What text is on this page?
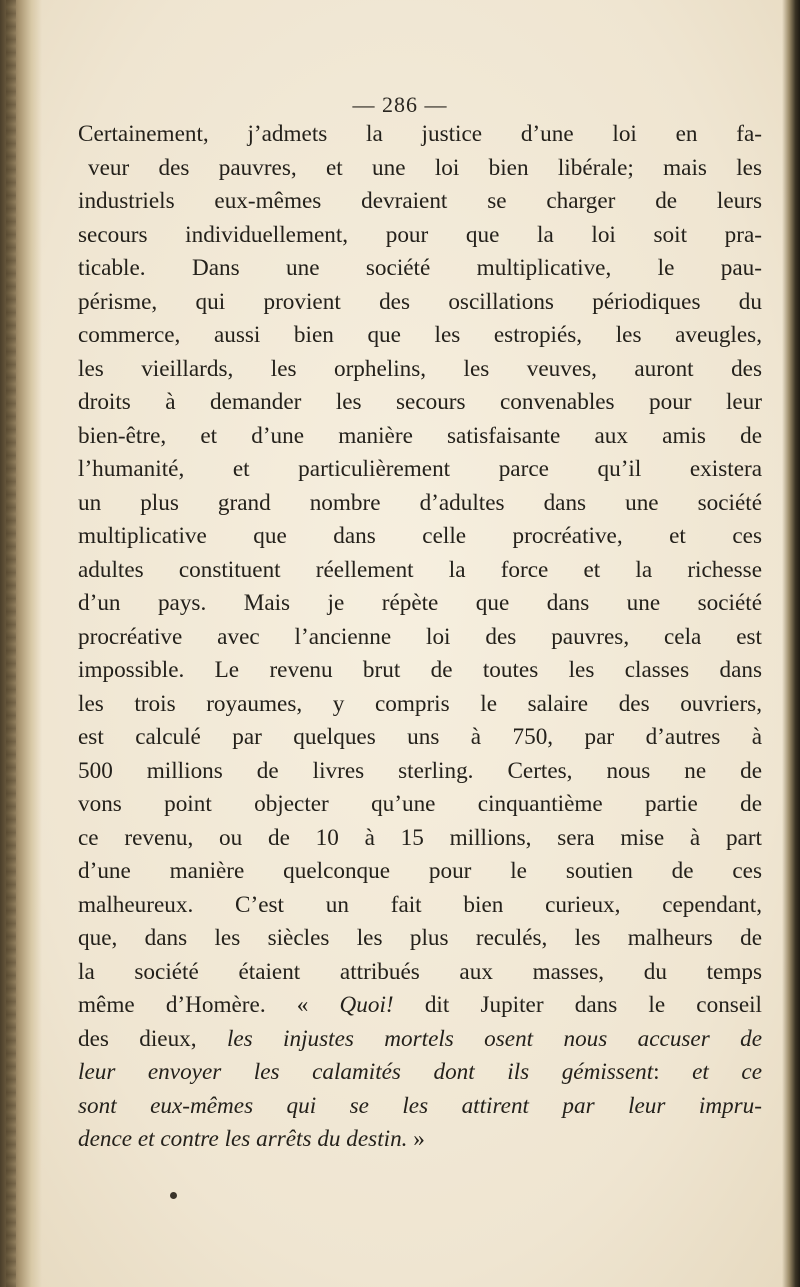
— 286 —
Certainement, j’admets la justice d’une loi en fa-
veur des pauvres, et une loi bien libérale; mais les
industriels eux-mêmes devraient se charger de leurs
secours individuellement, pour que la loi soit pra-
ticable. Dans une société multiplicative, le pau-
périsme, qui provient des oscillations périodiques du
commerce, aussi bien que les estropiés, les aveugles,
les vieillards, les orphelins, les veuves, auront des
droits à demander les secours convenables pour leur
bien-être, et d’une manière satisfaisante aux amis de
l’humanité, et particulièrement parce qu’il existera
un plus grand nombre d’adultes dans une société
multiplicative que dans celle procréative, et ces
adultes constituent réellement la force et la richesse
d’un pays. Mais je répète que dans une société
procréative avec l’ancienne loi des pauvres, cela est
impossible. Le revenu brut de toutes les classes dans
les trois royaumes, y compris le salaire des ouvriers,
est calculé par quelques uns à 750, par d’autres à
500 millions de livres sterling. Certes, nous ne de
vons point objecter qu’une cinquantième partie de
ce revenu, ou de 10 à 15 millions, sera mise à part
d’une manière quelconque pour le soutien de ces
malheureux. C’est un fait bien curieux, cependant,
que, dans les siècles les plus reculés, les malheurs de
la société étaient attribués aux masses, du temps
même d’Homère. « Quoi! dit Jupiter dans le conseil
des dieux, les injustes mortels osent nous accuser de
leur envoyer les calamités dont ils gémissent: et ce
sont eux-mêmes qui se les attirent par leur impru-
dence et contre les arrêts du destin. »
